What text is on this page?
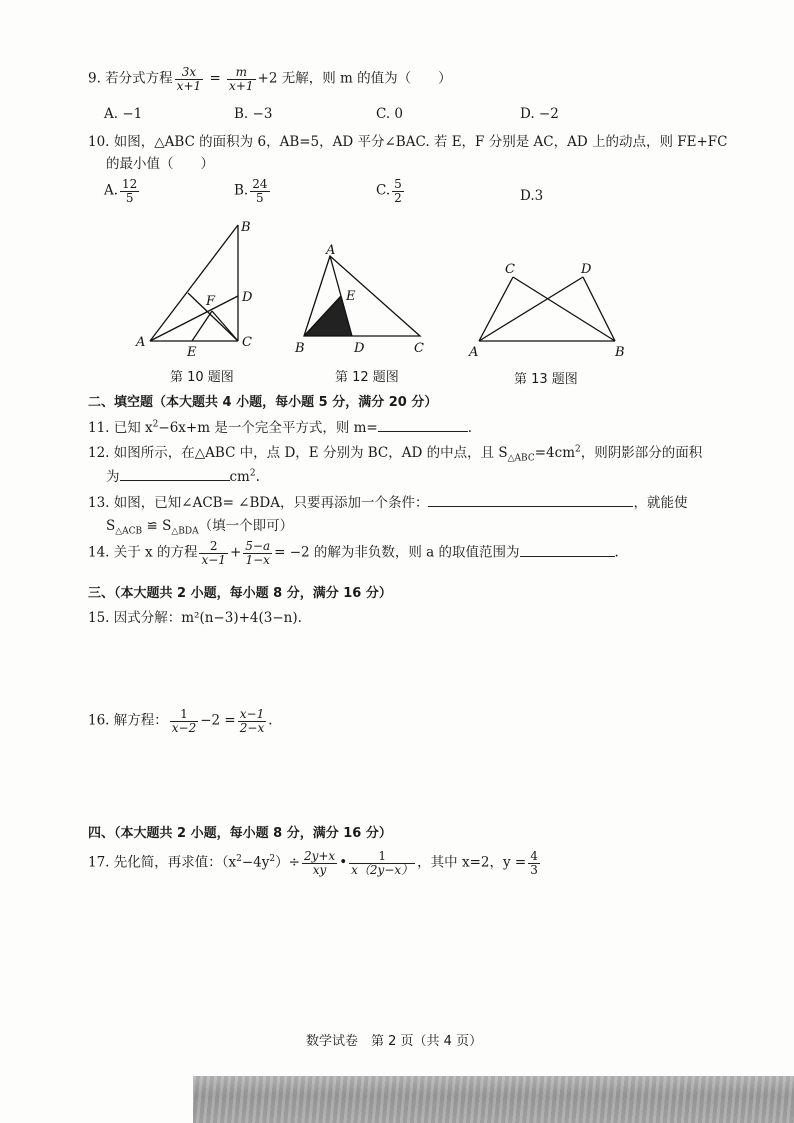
9. 若分式方程 $\frac{3x}{x+1} = \frac{m}{x+1} +2$ 无解，则 m 的值为（　　）
A. −1	B. −3	C. 0	D. −2
10. 如图，△ABC 的面积为 6，AB=5，AD 平分∠BAC. 若 E，F 分别是 AC，AD 上的动点，则 FE+FC
的最小值（　　）
A. $\frac{12}{5}$	B. $\frac{24}{5}$	C. $\frac{5}{2}$	D.3
A
B
C
D
E
F
第 10 题图
A
B	C
D
E
第 12 题图
A	B
C	D
第 13 题图
二、填空题（本大题共 4 小题，每小题 5 分，满分 20 分）
11. 已知 $x^2-6x+m$ 是一个完全平方式，则 m=	.
12. 如图所示，在△ABC 中，点 D，E 分别为 BC，AD 的中点，且 $S_{\triangle ABC}=4cm^2$，则阴影部分的面积
为	$cm^2$.
13. 如图，已知∠ACB= ∠BDA，只要再添加一个条件：	，就能使
$S_{\triangle ACB}$ ≌ $S_{\triangle BDA}$（填一个即可）
14. 关于 x 的方程 $\frac{2}{x-1} + \frac{5-a}{1-x} = -2$ 的解为非负数，则 a 的取值范围为	.
三、（本大题共 2 小题，每小题 8 分，满分 16 分）
15. 因式分解：m²(n−3)+4(3−n).
16. 解方程： $\frac{1}{x-2} -2 = \frac{x-1}{2-x}$ .
四、（本大题共 2 小题，每小题 8 分，满分 16 分）
17. 先化简，再求值：$(x^2-4y^2)\div \frac{2y+x}{xy}$ • $\frac{1}{x(2y-x)}$ ，其中 x=2，$y = \frac{4}{3}$
数学试卷　第 2 页（共 4 页）
